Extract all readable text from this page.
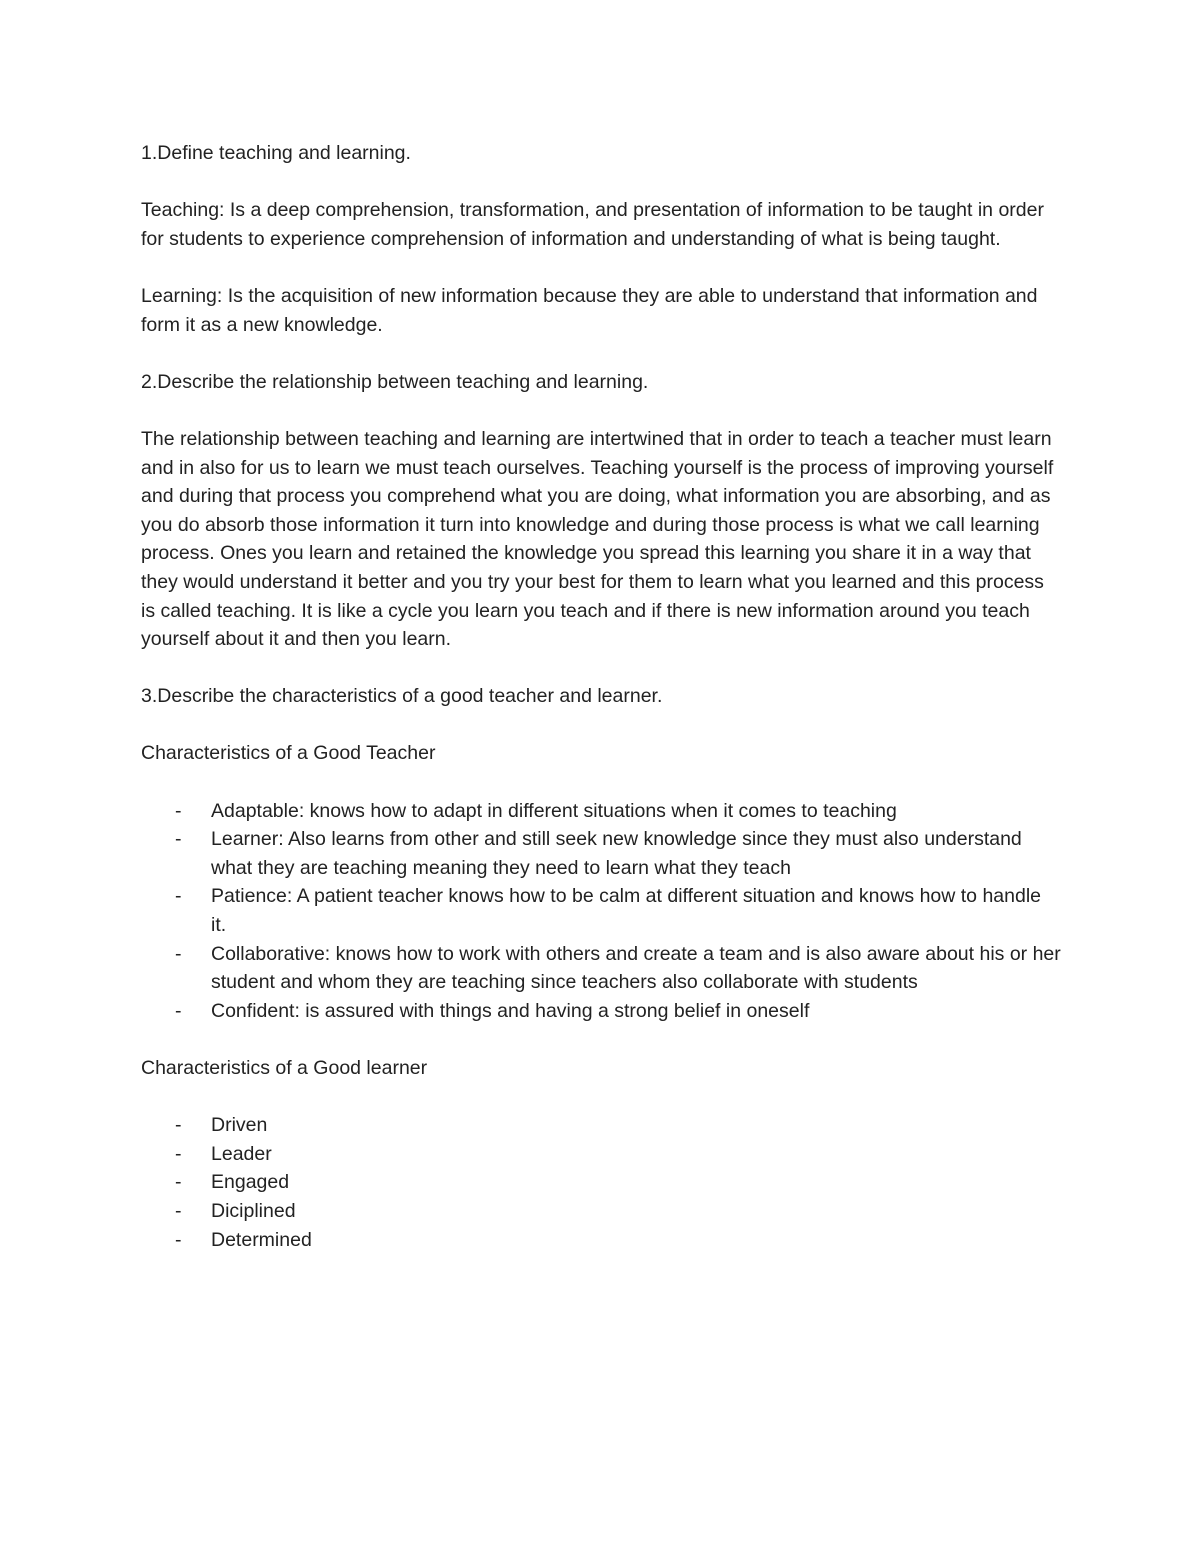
1.Define teaching and learning.

Teaching: Is a deep comprehension, transformation, and presentation of information to be taught in order for students to experience comprehension of information and understanding of what is being taught.

Learning: Is the acquisition of new information because they are able to understand that information and form it as a new knowledge.

2.Describe the relationship between teaching and learning.

The relationship between teaching and learning are intertwined that in order to teach a teacher must learn and in also for us to learn we must teach ourselves. Teaching yourself is the process of improving yourself and during that process you comprehend what you are doing, what information you are absorbing, and as you do absorb those information it turn into knowledge and during those process is what we call learning process. Ones you learn and retained the knowledge you spread this learning you share it in a way that they would understand it better and you try your best for them to learn what you learned and this process is called teaching. It is like a cycle you learn you teach and if there is new information around you teach yourself about it and then you learn.

3.Describe the characteristics of a good teacher and learner.

Characteristics of a Good Teacher

- Adaptable: knows how to adapt in different situations when it comes to teaching
- Learner: Also learns from other and still seek new knowledge since they must also understand what they are teaching meaning they need to learn what they teach
- Patience: A patient teacher knows how to be calm at different situation and knows how to handle it.
- Collaborative: knows how to work with others and create a team and is also aware about his or her student and whom they are teaching since teachers also collaborate with students
- Confident: is assured with things and having a strong belief in oneself

Characteristics of a Good learner

- Driven
- Leader
- Engaged
- Diciplined
- Determined
